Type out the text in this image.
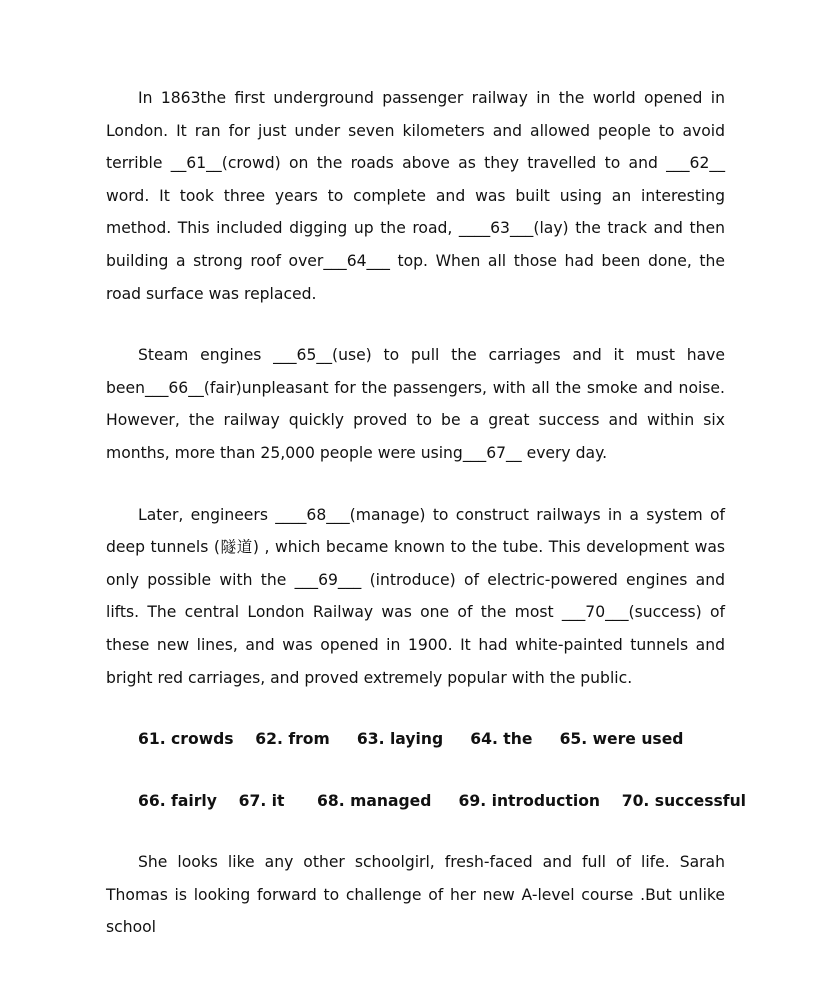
In 1863the first underground passenger railway in the world opened in London. It ran for just under seven kilometers and allowed people to avoid terrible __61__(crowd) on the roads above as they travelled to and ___62__ word. It took three years to complete and was built using an interesting method. This included digging up the road, ____63___(lay) the track and then building a strong roof over___64___ top. When all those had been done, the road surface was replaced.

Steam engines ___65__(use) to pull the carriages and it must have been___66__(fair)unpleasant for the passengers, with all the smoke and noise. However, the railway quickly proved to be a great success and within six months, more than 25,000 people were using___67__ every day.

Later, engineers ____68___(manage) to construct railways in a system of deep tunnels (隧道) , which became known to the tube. This development was only possible with the ___69___ (introduce) of electric-powered engines and lifts. The central London Railway was one of the most ___70___(success) of these new lines, and was opened in 1900. It had white-painted tunnels and bright red carriages, and proved extremely popular with the public.

61. crowds    62. from     63. laying     64. the     65. were used

66. fairly    67. it      68. managed     69. introduction    70. successful

She looks like any other schoolgirl, fresh-faced and full of life. Sarah Thomas is looking forward to challenge of her new A-level course .But unlike school
